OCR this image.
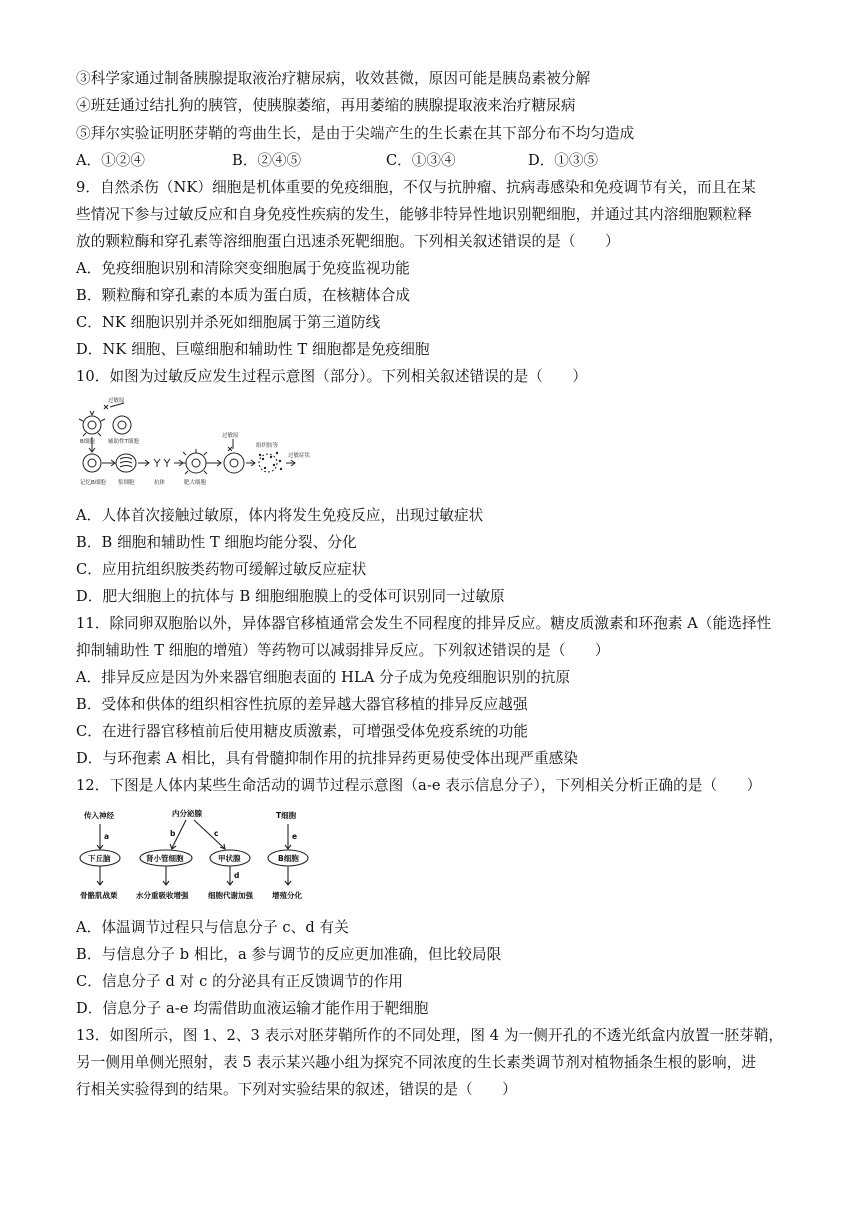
③科学家通过制备胰腺提取液治疗糖尿病，收效甚微，原因可能是胰岛素被分解
④班廷通过结扎狗的胰管，使胰腺萎缩，再用萎缩的胰腺提取液来治疗糖尿病
⑤拜尔实验证明胚芽鞘的弯曲生长，是由于尖端产生的生长素在其下部分布不均匀造成
A．①②④	B．②④⑤	C．①③④	D．①③⑤
9．自然杀伤（NK）细胞是机体重要的免疫细胞，不仅与抗肿瘤、抗病毒感染和免疫调节有关，而且在某
些情况下参与过敏反应和自身免疫性疾病的发生，能够非特异性地识别靶细胞，并通过其内溶细胞颗粒释
放的颗粒酶和穿孔素等溶细胞蛋白迅速杀死靶细胞。下列相关叙述错误的是（　　）
A．免疫细胞识别和清除突变细胞属于免疫监视功能
B．颗粒酶和穿孔素的本质为蛋白质，在核糖体合成
C．NK 细胞识别并杀死如细胞属于第三道防线
D．NK 细胞、巨噬细胞和辅助性 T 细胞都是免疫细胞
10．如图为过敏反应发生过程示意图（部分）。下列相关叙述错误的是（　　）
过敏原
B细胞 辅助性T细胞
记忆B细胞 浆细胞	抗体	肥大细胞
过敏原
组织胺等
过敏症状
A．人体首次接触过敏原，体内将发生免疫反应，出现过敏症状
B．B 细胞和辅助性 T 细胞均能分裂、分化
C．应用抗组织胺类药物可缓解过敏反应症状
D．肥大细胞上的抗体与 B 细胞细胞膜上的受体可识别同一过敏原
11．除同卵双胞胎以外，异体器官移植通常会发生不同程度的排异反应。糖皮质激素和环孢素 A（能选择性
抑制辅助性 T 细胞的增殖）等药物可以减弱排异反应。下列叙述错误的是（　　）
A．排异反应是因为外来器官细胞表面的 HLA 分子成为免疫细胞识别的抗原
B．受体和供体的组织相容性抗原的差异越大器官移植的排异反应越强
C．在进行器官移植前后使用糖皮质激素，可增强受体免疫系统的功能
D．与环孢素 A 相比，具有骨髓抑制作用的抗排异药更易使受体出现严重感染
12．下图是人体内某些生命活动的调节过程示意图（a-e 表示信息分子），下列相关分析正确的是（　　）
传入神经	内分泌腺	T细胞
a	b	c
d
e
下丘脑	肾小管细胞	甲状腺	B细胞
骨骼肌战栗 水分重吸收增强	细胞代谢加强	增殖分化
A．体温调节过程只与信息分子 c、d 有关
B．与信息分子 b 相比，a 参与调节的反应更加准确，但比较局限
C．信息分子 d 对 c 的分泌具有正反馈调节的作用
D．信息分子 a-e 均需借助血液运输才能作用于靶细胞
13．如图所示，图 1、2、3 表示对胚芽鞘所作的不同处理，图 4 为一侧开孔的不透光纸盒内放置一胚芽鞘，
另一侧用单侧光照射，表 5 表示某兴趣小组为探究不同浓度的生长素类调节剂对植物插条生根的影响，进
行相关实验得到的结果。下列对实验结果的叙述，错误的是（　　）
